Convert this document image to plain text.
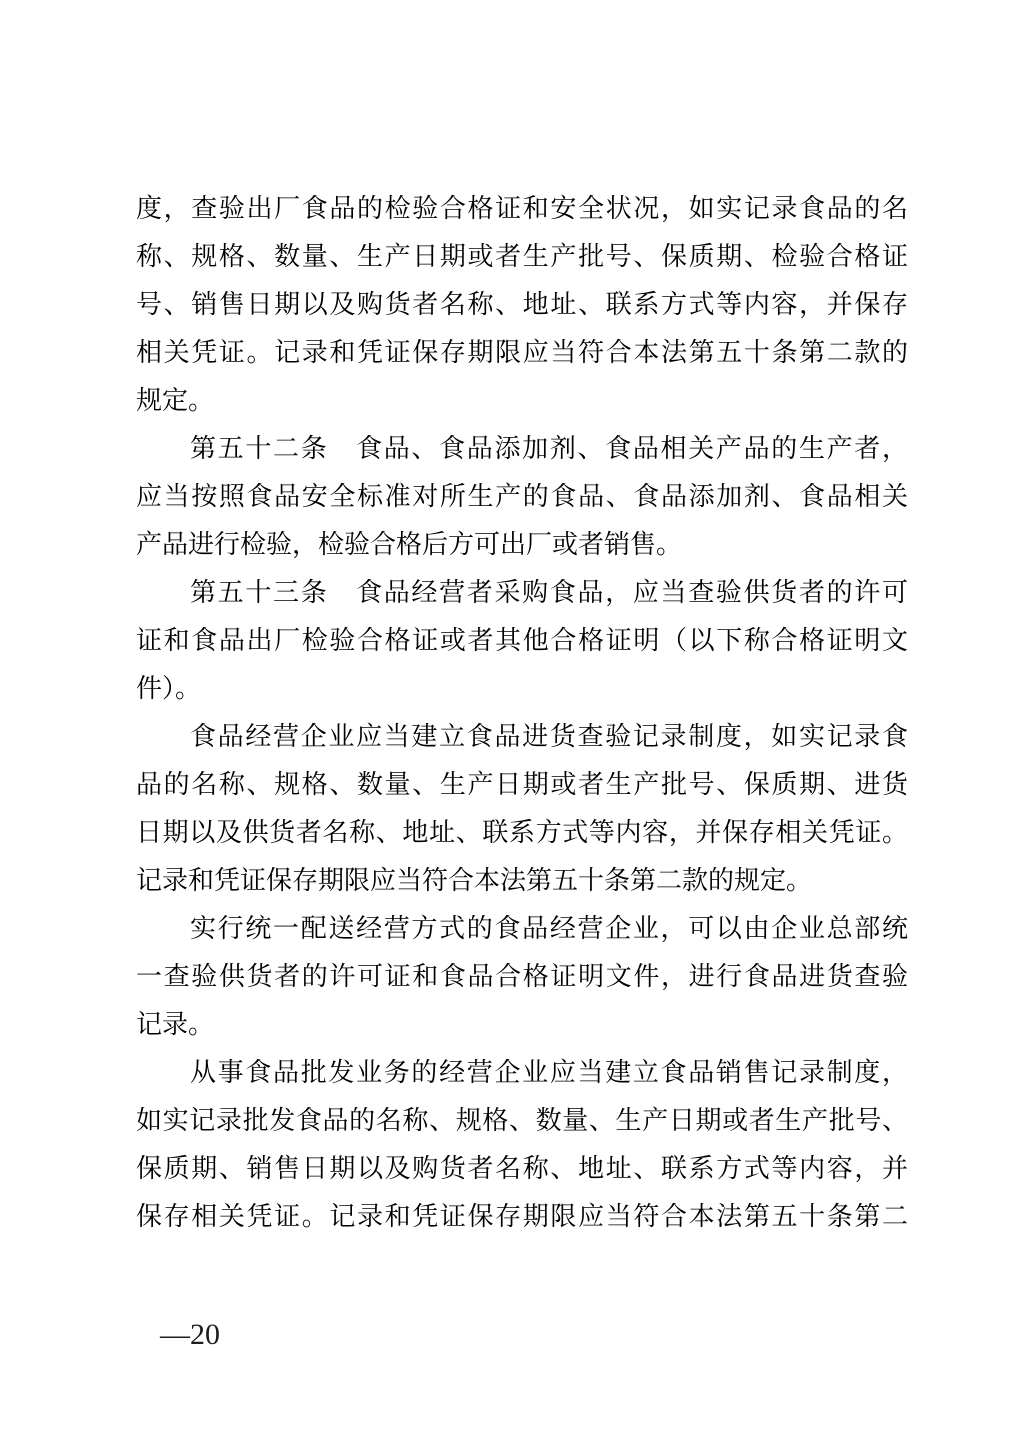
度，查验出厂食品的检验合格证和安全状况，如实记录食品的名
称、规格、数量、生产日期或者生产批号、保质期、检验合格证
号、销售日期以及购货者名称、地址、联系方式等内容，并保存
相关凭证。记录和凭证保存期限应当符合本法第五十条第二款的
规定。
第五十二条　食品、食品添加剂、食品相关产品的生产者，
应当按照食品安全标准对所生产的食品、食品添加剂、食品相关
产品进行检验，检验合格后方可出厂或者销售。
第五十三条　食品经营者采购食品，应当查验供货者的许可
证和食品出厂检验合格证或者其他合格证明（以下称合格证明文
件）。
食品经营企业应当建立食品进货查验记录制度，如实记录食
品的名称、规格、数量、生产日期或者生产批号、保质期、进货
日期以及供货者名称、地址、联系方式等内容，并保存相关凭证。
记录和凭证保存期限应当符合本法第五十条第二款的规定。
实行统一配送经营方式的食品经营企业，可以由企业总部统
一查验供货者的许可证和食品合格证明文件，进行食品进货查验
记录。
从事食品批发业务的经营企业应当建立食品销售记录制度，
如实记录批发食品的名称、规格、数量、生产日期或者生产批号、
保质期、销售日期以及购货者名称、地址、联系方式等内容，并
保存相关凭证。记录和凭证保存期限应当符合本法第五十条第二
—20
